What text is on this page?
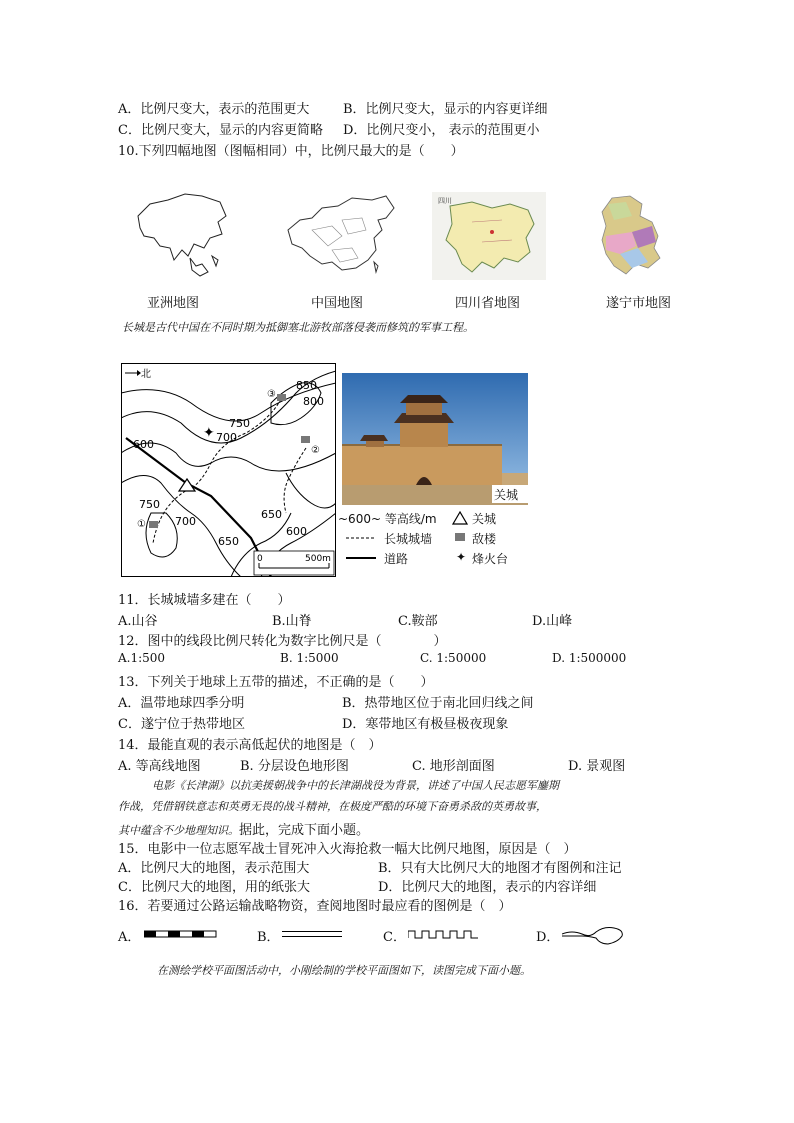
A．比例尺变大，表示的范围更大	B．比例尺变大，显示的内容更详细
C．比例尺变大，显示的内容更简略 D．比例尺变小， 表示的范围更小
10.下列四幅地图（图幅相同）中，比例尺最大的是（　　）
亚洲地图	中国地图
四川
四川省地图	遂宁市地图
长城是古代中国在不同时期为抵御塞北游牧部落侵袭而修筑的军事工程。
北
③
②
①
✦
850
800
750
700
600
750
700
650
600
650
0	500m
关城
~600~ 等高线/m	关城
长城城墙	敌楼
道路	✦ 烽火台
11．长城城墙多建在（　　）
A.山谷	B.山脊	C.鞍部	D.山峰
12．图中的线段比例尺转化为数字比例尺是（　　　　）
A.1:500	B. 1:5000	C. 1:50000	D. 1:500000
13．下列关于地球上五带的描述，不正确的是（　　）
A．温带地球四季分明	B．热带地区位于南北回归线之间
C．遂宁位于热带地区	D．寒带地区有极昼极夜现象
14．最能直观的表示高低起伏的地图是（　）
A. 等高线地图	B. 分层设色地形图	C. 地形剖面图	D. 景观图
电影《长津湖》以抗美援朝战争中的长津湖战役为背景，讲述了中国人民志愿军鏖期
作战，凭借钢铁意志和英勇无畏的战斗精神，在极度严酷的环境下奋勇杀敌的英勇故事，
其中蕴含不少地理知识。据此，完成下面小题。
15．电影中一位志愿军战士冒死冲入火海抢救一幅大比例尺地图，原因是（　）
A．比例尺大的地图，表示范围大	B．只有大比例尺大的地图才有图例和注记
C．比例尺大的地图，用的纸张大	D．比例尺大的地图，表示的内容详细
16．若要通过公路运输战略物资，查阅地图时最应看的图例是（　）
A．	B．	C．	D．
在测绘学校平面图活动中，小刚绘制的学校平面图如下，读图完成下面小题。
